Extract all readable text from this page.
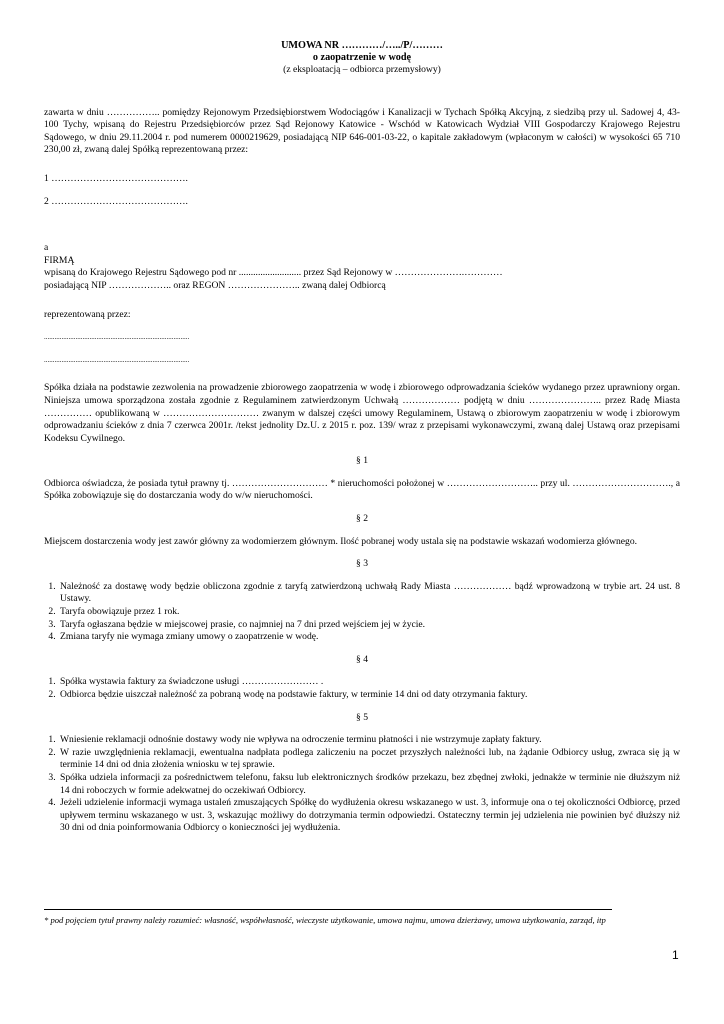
UMOWA NR …………/…../P/………
o zaopatrzenie w wodę
(z eksploatacją – odbiorca przemysłowy)

zawarta w dniu …………….. pomiędzy Rejonowym Przedsiębiorstwem Wodociągów i Kanalizacji w Tychach Spółką Akcyjną, z siedzibą przy ul. Sadowej 4, 43-100 Tychy, wpisaną do Rejestru Przedsiębiorców przez Sąd Rejonowy Katowice - Wschód w Katowicach Wydział VIII Gospodarczy Krajowego Rejestru Sądowego, w dniu 29.11.2004 r. pod numerem 0000219629, posiadającą NIP 646-001-03-22, o kapitale zakładowym (wpłaconym w całości) w wysokości 65 710 230,00 zł, zwaną dalej Spółką reprezentowaną przez:

1 …………………………………….

2 …………………………………….

a

FIRMĄ

wpisaną do Krajowego Rejestru Sądowego pod nr .......................... przez Sąd Rejonowy w ………………….…………

posiadającą NIP ……………….. oraz REGON ………………….. zwaną dalej Odbiorcą

reprezentowaną przez:

...................................................................................

...................................................................................

Spółka działa na podstawie zezwolenia na prowadzenie zbiorowego zaopatrzenia w wodę i zbiorowego odprowadzania ścieków wydanego przez uprawniony organ. Niniejsza umowa sporządzona została zgodnie z Regulaminem zatwierdzonym Uchwałą ……………… podjętą w dniu ………………….. przez Radę Miasta …………… opublikowaną w ………………………… zwanym w dalszej części umowy Regulaminem, Ustawą o zbiorowym zaopatrzeniu w wodę i zbiorowym odprowadzaniu ścieków z dnia 7 czerwca 2001r. /tekst jednolity Dz.U. z 2015 r. poz. 139/ wraz z przepisami wykonawczymi, zwaną dalej Ustawą oraz przepisami Kodeksu Cywilnego.

§ 1

Odbiorca oświadcza, że posiada tytuł prawny tj. ………………………… * nieruchomości położonej w ……………………….. przy ul. …………………………., a Spółka zobowiązuje się do dostarczania wody do w/w nieruchomości.

§ 2

Miejscem dostarczenia wody jest zawór główny za wodomierzem głównym. Ilość pobranej wody ustala się na podstawie wskazań wodomierza głównego.

§ 3
1. Należność za dostawę wody będzie obliczona zgodnie z taryfą zatwierdzoną uchwałą Rady Miasta ……………… bądź wprowadzoną w trybie art. 24 ust. 8 Ustawy.
2. Taryfa obowiązuje przez 1 rok.
3. Taryfa ogłaszana będzie w miejscowej prasie, co najmniej na 7 dni przed wejściem jej w życie.
4. Zmiana taryfy nie wymaga zmiany umowy o zaopatrzenie w wodę.
§ 4
1. Spółka wystawia faktury za świadczone usługi …………………… .
2. Odbiorca będzie uiszczał należność za pobraną wodę na podstawie faktury, w terminie 14 dni od daty otrzymania faktury.
§ 5
1. Wniesienie reklamacji odnośnie dostawy wody nie wpływa na odroczenie terminu płatności i nie wstrzymuje zapłaty faktury.
2. W razie uwzględnienia reklamacji, ewentualna nadpłata podlega zaliczeniu na poczet przyszłych należności lub, na żądanie Odbiorcy usług, zwraca się ją w terminie 14 dni od dnia złożenia wniosku w tej sprawie.
3. Spółka udziela informacji za pośrednictwem telefonu, faksu lub elektronicznych środków przekazu, bez zbędnej zwłoki, jednakże w terminie nie dłuższym niż 14 dni roboczych w formie adekwatnej do oczekiwań Odbiorcy.
4. Jeżeli udzielenie informacji wymaga ustaleń zmuszających Spółkę do wydłużenia okresu wskazanego w ust. 3, informuje ona o tej okoliczności Odbiorcę, przed upływem terminu wskazanego w ust. 3, wskazując możliwy do dotrzymania termin odpowiedzi. Ostateczny termin jej udzielenia nie powinien być dłuższy niż 30 dni od dnia poinformowania Odbiorcy o konieczności jej wydłużenia.
* pod pojęciem tytuł prawny należy rozumieć: własność, współwłasność, wieczyste użytkowanie, umowa najmu, umowa dzierżawy, umowa użytkowania, zarząd, itp
1
